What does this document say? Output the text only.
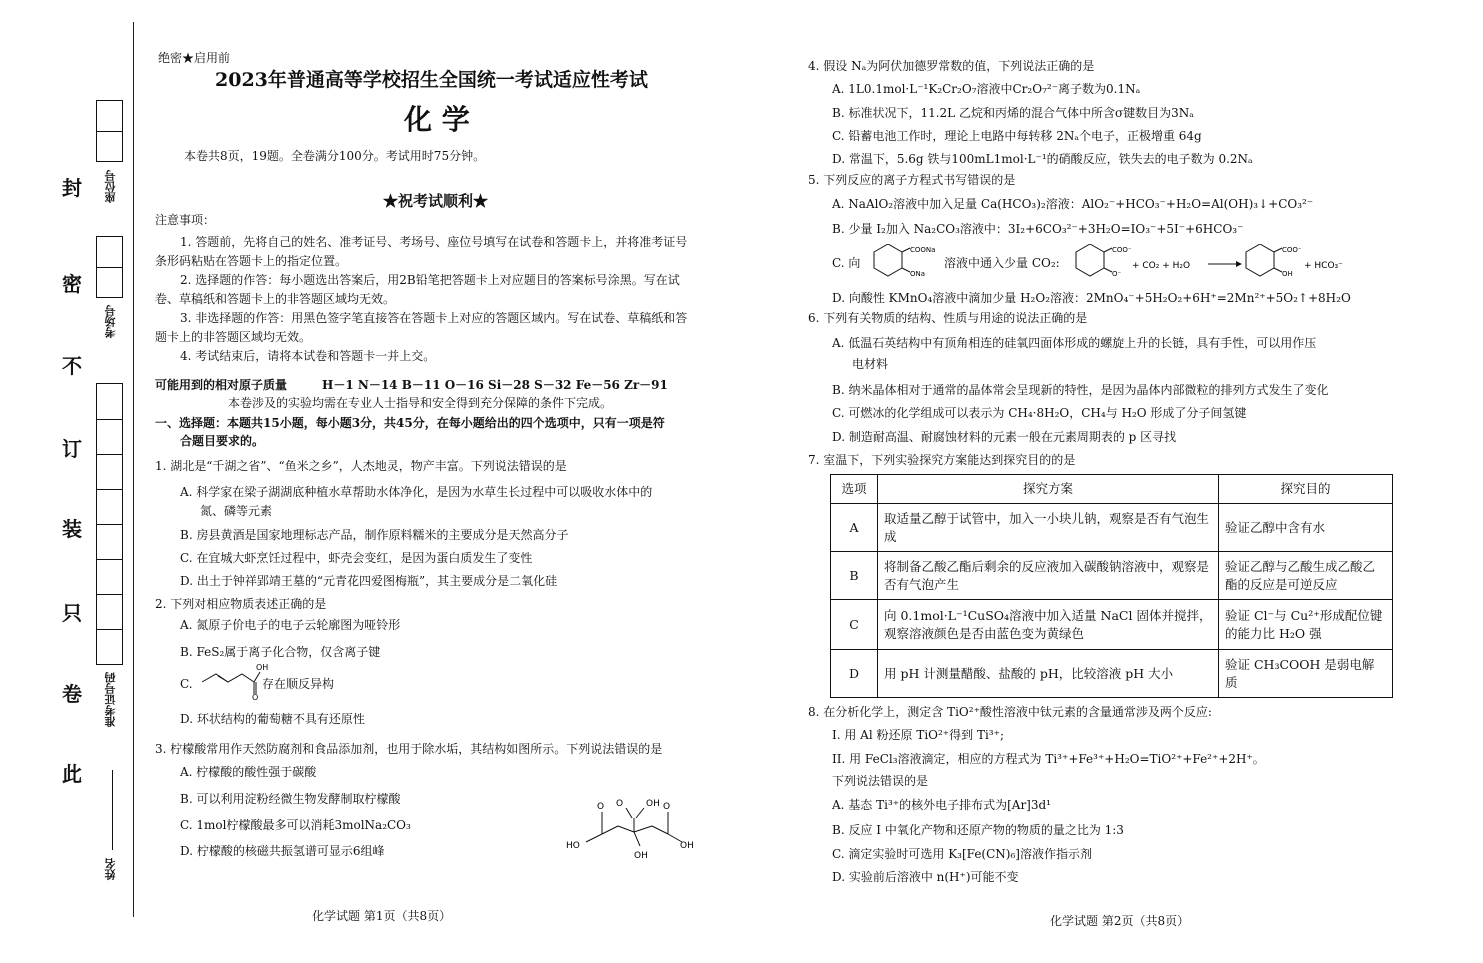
封
密
不
订
装
只
卷
此
座位号
考场号
准考证号码
姓名
绝密★启用前
2023年普通高等学校招生全国统一考试适应性考试
化 学
本卷共8页，19题。全卷满分100分。考试用时75分钟。
★祝考试顺利★
注意事项：
1. 答题前，先将自己的姓名、准考证号、考场号、座位号填写在试卷和答题卡上，并将准考证号
条形码粘贴在答题卡上的指定位置。
2. 选择题的作答：每小题选出答案后，用2B铅笔把答题卡上对应题目的答案标号涂黑。写在试
卷、草稿纸和答题卡上的非答题区域均无效。
3. 非选择题的作答：用黑色签字笔直接答在答题卡上对应的答题区域内。写在试卷、草稿纸和答
题卡上的非答题区域均无效。
4. 考试结束后，请将本试卷和答题卡一并上交。
可能用到的相对原子质量	H－1 N－14 B－11 O－16 Si－28 S－32 Fe－56 Zr－91
本卷涉及的实验均需在专业人士指导和安全得到充分保障的条件下完成。
一、选择题：本题共15小题，每小题3分，共45分，在每小题给出的四个选项中，只有一项是符
合题目要求的。
1. 湖北是“千湖之省”、“鱼米之乡”，人杰地灵，物产丰富。下列说法错误的是
A. 科学家在梁子湖湖底种植水草帮助水体净化，是因为水草生长过程中可以吸收水体中的
氮、磷等元素
B. 房县黄酒是国家地理标志产品，制作原料糯米的主要成分是天然高分子
C. 在宜城大虾烹饪过程中，虾壳会变红，是因为蛋白质发生了变性
D. 出土于钟祥郢靖王墓的“元青花四爱图梅瓶”，其主要成分是二氧化硅
2. 下列对相应物质表述正确的是
A. 氮原子价电子的电子云轮廓图为哑铃形
B. FeS₂属于离子化合物，仅含离子键
C.
OH
O
存在顺反异构
D. 环状结构的葡萄糖不具有还原性
3. 柠檬酸常用作天然防腐剂和食品添加剂，也用于除水垢，其结构如图所示。下列说法错误的是
A. 柠檬酸的酸性强于碳酸
B. 可以利用淀粉经微生物发酵制取柠檬酸
C. 1mol柠檬酸最多可以消耗3molNa₂CO₃
D. 柠檬酸的核磁共振氢谱可显示6组峰
O	OH
O	O
HO	OH
OH
化学试题 第1页（共8页）
4. 假设 Nₐ为阿伏加德罗常数的值，下列说法正确的是
A. 1L0.1mol·L⁻¹K₂Cr₂O₇溶液中Cr₂O₇²⁻离子数为0.1Nₐ
B. 标准状况下，11.2L 乙烷和丙烯的混合气体中所含σ键数目为3Nₐ
C. 铅蓄电池工作时，理论上电路中每转移 2Nₐ个电子，正极增重 64g
D. 常温下，5.6g 铁与100mL1mol·L⁻¹的硝酸反应，铁失去的电子数为 0.2Nₐ
5. 下列反应的离子方程式书写错误的是
A. NaAlO₂溶液中加入足量 Ca(HCO₃)₂溶液：AlO₂⁻+HCO₃⁻+H₂O=Al(OH)₃↓+CO₃²⁻
B. 少量 I₂加入 Na₂CO₃溶液中：3I₂+6CO₃²⁻+3H₂O=IO₃⁻+5I⁻+6HCO₃⁻
C. 向
COONa
ONa
溶液中通入少量 CO₂:
COO⁻
O⁻
+ CO₂ + H₂O
COO⁻
OH
+ HCO₃⁻
D. 向酸性 KMnO₄溶液中滴加少量 H₂O₂溶液：2MnO₄⁻+5H₂O₂+6H⁺=2Mn²⁺+5O₂↑+8H₂O
6. 下列有关物质的结构、性质与用途的说法正确的是
A. 低温石英结构中有顶角相连的硅氧四面体形成的螺旋上升的长链，具有手性，可以用作压
电材料
B. 纳米晶体相对于通常的晶体常会呈现新的特性，是因为晶体内部微粒的排列方式发生了变化
C. 可燃冰的化学组成可以表示为 CH₄·8H₂O，CH₄与 H₂O 形成了分子间氢键
D. 制造耐高温、耐腐蚀材料的元素一般在元素周期表的 p 区寻找
7. 室温下，下列实验探究方案能达到探究目的的是
选项	探究方案	探究目的
A	取适量乙醇于试管中，加入一小块儿钠，观察是否有气泡生成	验证乙醇中含有水
B	将制备乙酸乙酯后剩余的反应液加入碳酸钠溶液中，观察是否有气泡产生	验证乙醇与乙酸生成乙酸乙酯的反应是可逆反应
C	向 0.1mol·L⁻¹CuSO₄溶液中加入适量 NaCl 固体并搅拌，观察溶液颜色是否由蓝色变为黄绿色	验证 Cl⁻与 Cu²⁺形成配位键的能力比 H₂O 强
D	用 pH 计测量醋酸、盐酸的 pH，比较溶液 pH 大小	验证 CH₃COOH 是弱电解质
8. 在分析化学上，测定含 TiO²⁺酸性溶液中钛元素的含量通常涉及两个反应:
I. 用 Al 粉还原 TiO²⁺得到 Ti³⁺;
II. 用 FeCl₃溶液滴定，相应的方程式为 Ti³⁺+Fe³⁺+H₂O=TiO²⁺+Fe²⁺+2H⁺。
下列说法错误的是
A. 基态 Ti³⁺的核外电子排布式为[Ar]3d¹
B. 反应 I 中氧化产物和还原产物的物质的量之比为 1:3
C. 滴定实验时可选用 K₃[Fe(CN)₆]溶液作指示剂
D. 实验前后溶液中 n(H⁺)可能不变
化学试题 第2页（共8页）
